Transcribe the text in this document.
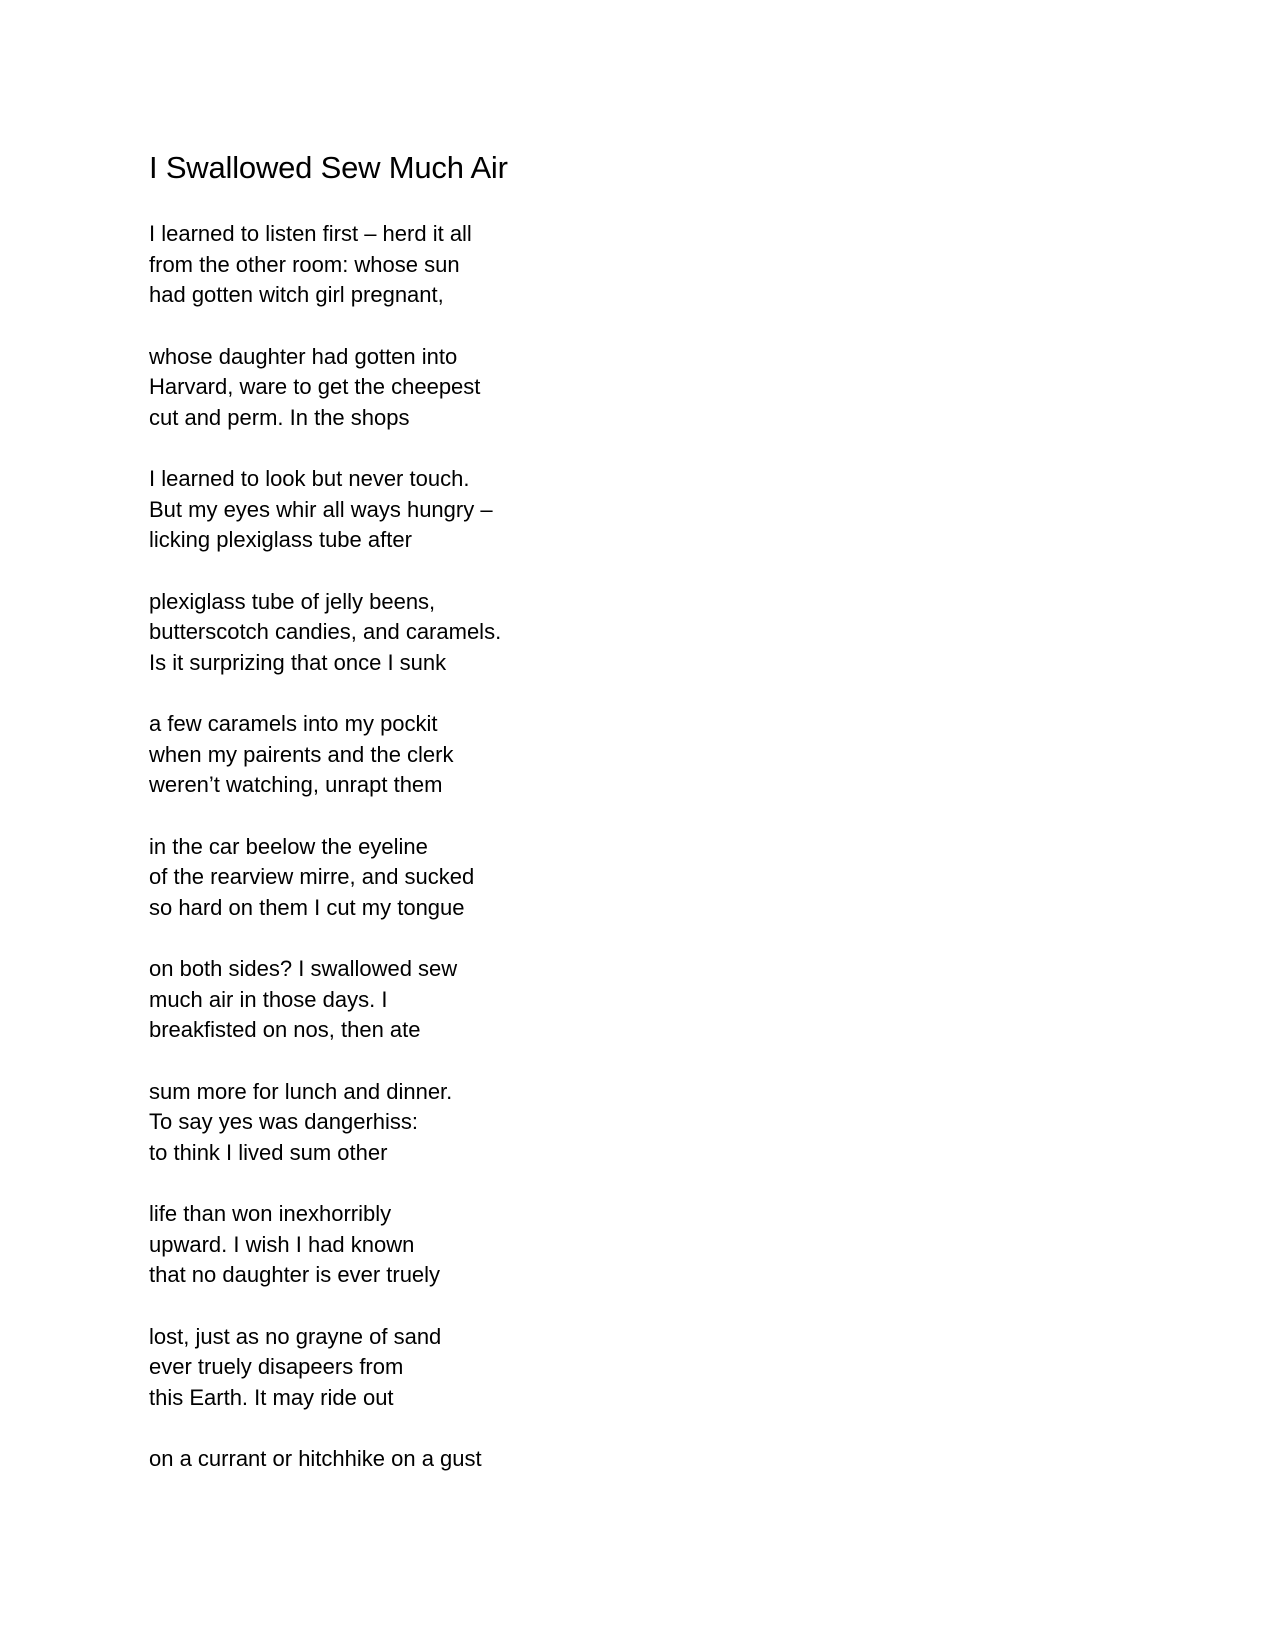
I Swallowed Sew Much Air
I learned to listen first – herd it all
from the other room: whose sun
had gotten witch girl pregnant,
whose daughter had gotten into
Harvard, ware to get the cheepest
cut and perm. In the shops
I learned to look but never touch.
But my eyes whir all ways hungry –
licking plexiglass tube after
plexiglass tube of jelly beens,
butterscotch candies, and caramels.
Is it surprizing that once I sunk
a few caramels into my pockit
when my pairents and the clerk
weren’t watching, unrapt them
in the car beelow the eyeline
of the rearview mirre, and sucked
so hard on them I cut my tongue
on both sides? I swallowed sew
much air in those days. I
breakfisted on nos, then ate
sum more for lunch and dinner.
To say yes was dangerhiss:
to think I lived sum other
life than won inexhorribly
upward. I wish I had known
that no daughter is ever truely
lost, just as no grayne of sand
ever truely disapeers from
this Earth. It may ride out
on a currant or hitchhike on a gust
